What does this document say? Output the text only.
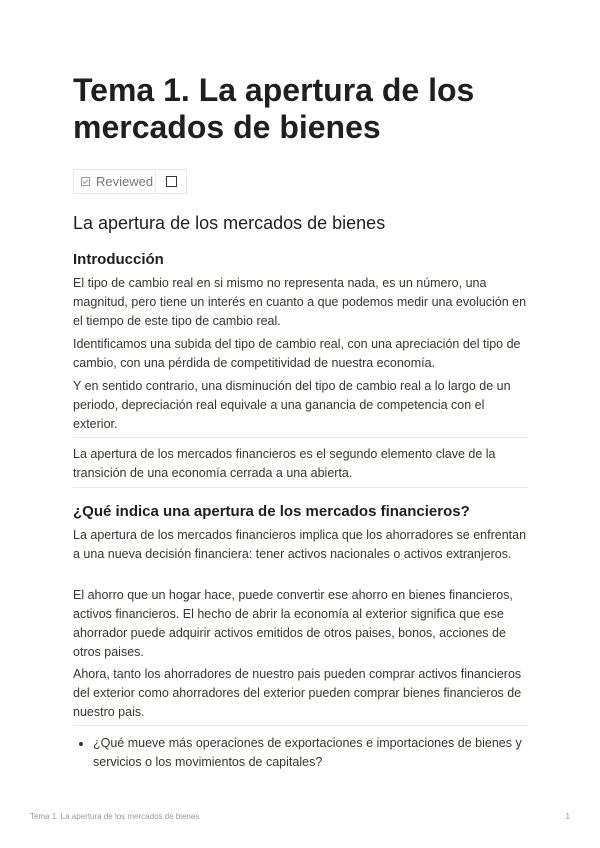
Tema 1. La apertura de los mercados de bienes
Reviewed
La apertura de los mercados de bienes
Introducción

El tipo de cambio real en si mismo no representa nada, es un número, una magnitud, pero tiene un interés en cuanto a que podemos medir una evolución en el tiempo de este tipo de cambio real.

Identificamos una subida del tipo de cambio real, con una apreciación del tipo de cambio, con una pérdida de competitividad de nuestra economía.

Y en sentido contrario, una disminución del tipo de cambio real a lo largo de un periodo, depreciación real equivale a una ganancia de competencia con el exterior.

La apertura de los mercados financieros es el segundo elemento clave de la transición de una economía cerrada a una abierta.

¿Qué indica una apertura de los mercados financieros?

La apertura de los mercados financieros implica que los ahorradores se enfrentan a una nueva decisión financiera: tener activos nacionales o activos extranjeros.

El ahorro que un hogar hace, puede convertir ese ahorro en bienes financieros, activos financieros. El hecho de abrir la economía al exterior significa que ese ahorrador puede adquirir activos emitidos de otros paises, bonos, acciones de otros paises.

Ahora, tanto los ahorradores de nuestro pais pueden comprar activos financieros del exterior como ahorradores del exterior pueden comprar bienes financieros de nuestro pais.

¿Qué mueve más operaciones de exportaciones e importaciones de bienes y servicios o los movimientos de capitales?
Tema 1. La apertura de los mercados de bienes	1
